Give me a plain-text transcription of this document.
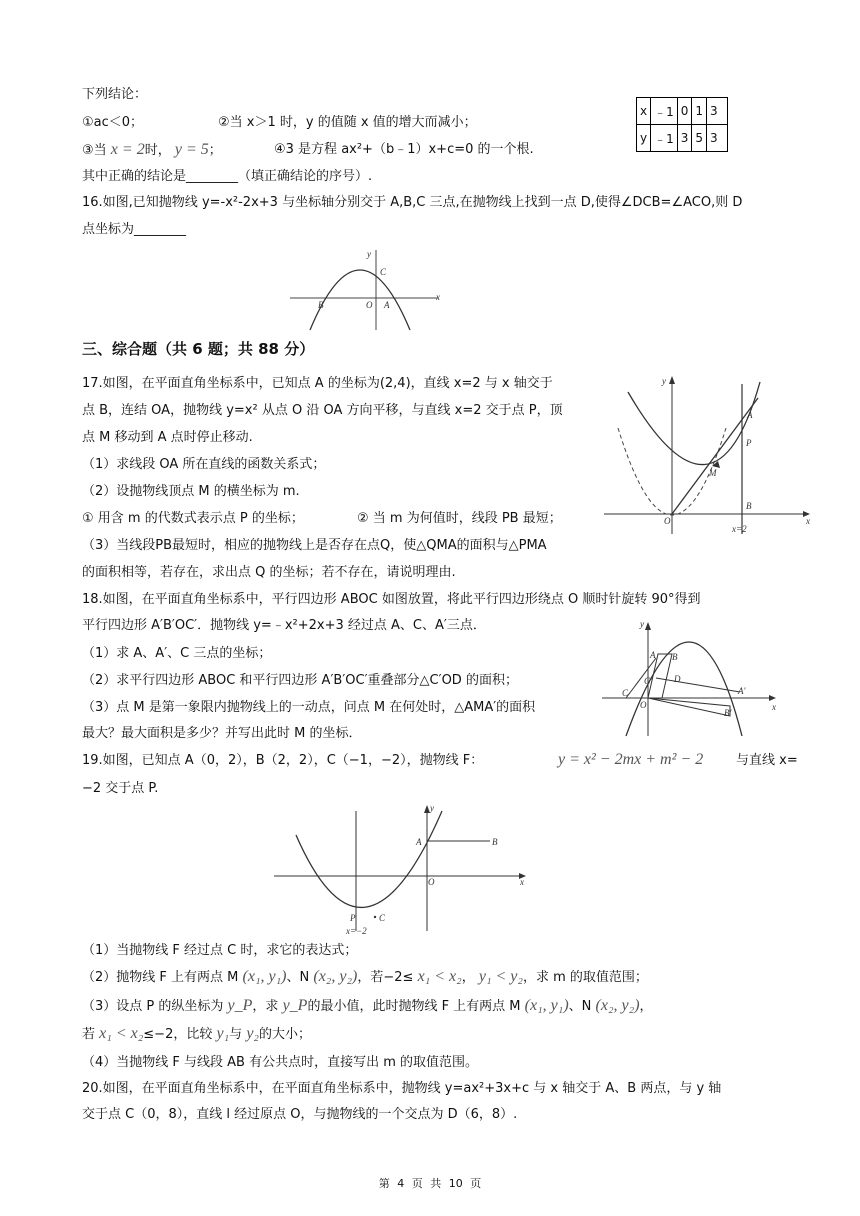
下列结论：
①ac＜0；	②当 x＞1 时，y 的值随 x 值的增大而减小；
③当 x = 2时， y = 5；	④3 是方程 ax²+（b﹣1）x+c=0 的一个根.
其中正确的结论是________（填正确结论的序号）.
x	﹣1	0	1	3
y	﹣1	3	5	3
16.如图,已知抛物线 y=-x²-2x+3 与坐标轴分别交于 A,B,C 三点,在抛物线上找到一点 D,使得∠DCB=∠ACO,则 D
点坐标为________
y
C
B	O A
x
三、综合题（共 6 题；共 88 分）
17.如图，在平面直角坐标系中，已知点 A 的坐标为(2,4)，直线 x=2 与 x 轴交于
点 B，连结 OA，抛物线 y=x² 从点 O 沿 OA 方向平移，与直线 x=2 交于点 P，顶
点 M 移动到 A 点时停止移动.
（1）求线段 OA 所在直线的函数关系式；
（2）设抛物线顶点 M 的横坐标为 m.
① 用含 m 的代数式表示点 P 的坐标；	② 当 m 为何值时，线段 PB 最短；
（3）当线段PB最短时，相应的抛物线上是否存在点Q，使△QMA的面积与△PMA
的面积相等，若存在，求出点 Q 的坐标；若不存在，请说明理由.
y
x
A
P
M
B
O
x=2
18.如图，在平面直角坐标系中，平行四边形 ABOC 如图放置，将此平行四边形绕点 O 顺时针旋转 90°得到
平行四边形 A′B′OC′．抛物线 y=﹣x²+2x+3 经过点 A、C、A′三点．
（1）求 A、A′、C 三点的坐标；
（2）求平行四边形 ABOC 和平行四边形 A′B′OC′重叠部分△C′OD 的面积；
（3）点 M 是第一象限内抛物线上的一动点，问点 M 在何处时，△AMA′的面积
最大？最大面积是多少？并写出此时 M 的坐标．
y
x
A B
C
C' D
O
A'
B'
19.如图，已知点 A（0，2），B（2，2），C（−1，−2），抛物线 F：	y = x² − 2mx + m² − 2	与直线 x=
−2 交于点 P.
y
A	B
O	x
P	C
x=−2
（1）当抛物线 F 经过点 C 时，求它的表达式；
（2）抛物线 F 上有两点 M (x₁, y₁)、N (x₂, y₂)，若−2≤ x₁ < x₂， y₁ < y₂，求 m 的取值范围；
（3）设点 P 的纵坐标为 y_P，求 y_P的最小值，此时抛物线 F 上有两点 M (x₁, y₁)、N (x₂, y₂)，
若 x₁ < x₂≤−2，比较 y₁与 y₂的大小；
（4）当抛物线 F 与线段 AB 有公共点时，直接写出 m 的取值范围。
20.如图，在平面直角坐标系中，在平面直角坐标系中，抛物线 y=ax²+3x+c 与 x 轴交于 A、B 两点，与 y 轴
交于点 C（0，8），直线 l 经过原点 O，与抛物线的一个交点为 D（6，8）.
第 4 页 共 10 页
